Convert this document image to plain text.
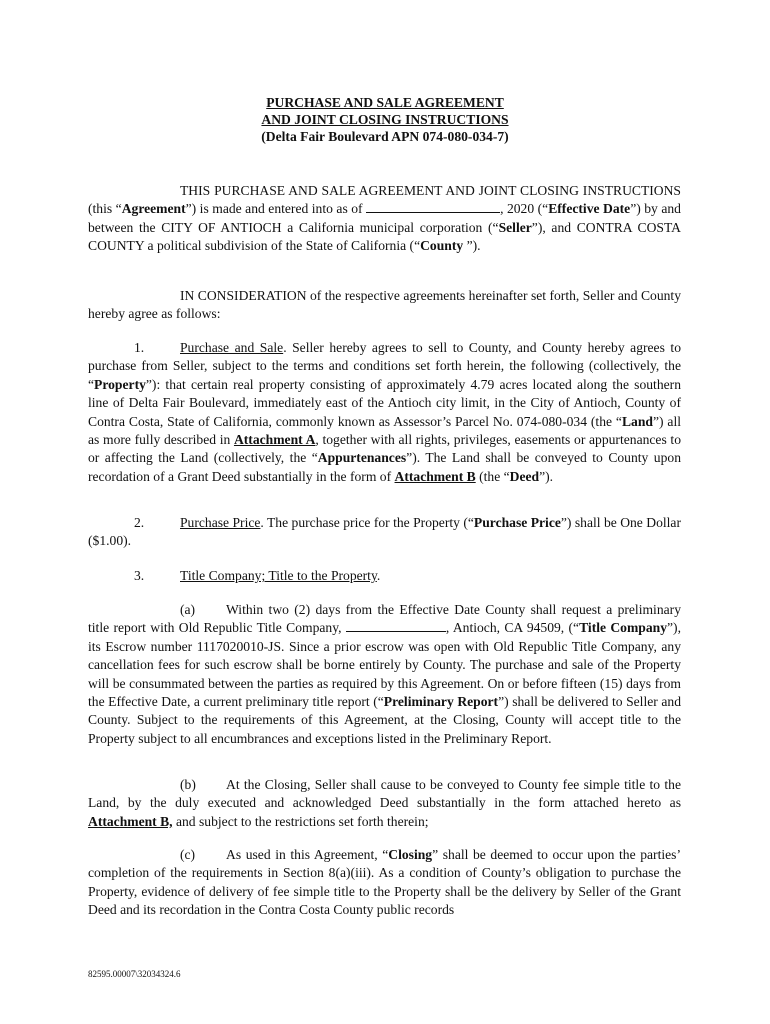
PURCHASE AND SALE AGREEMENT
AND JOINT CLOSING INSTRUCTIONS
(Delta Fair Boulevard APN 074-080-034-7)
THIS PURCHASE AND SALE AGREEMENT AND JOINT CLOSING INSTRUCTIONS (this “Agreement”) is made and entered into as of	, 2020 (“Effective Date”) by and between the CITY OF ANTIOCH a California municipal corporation (“Seller”), and CONTRA COSTA COUNTY a political subdivision of the State of California (“County ”).
IN CONSIDERATION of the respective agreements hereinafter set forth, Seller and County hereby agree as follows:
1.	Purchase and Sale. Seller hereby agrees to sell to County, and County hereby agrees to purchase from Seller, subject to the terms and conditions set forth herein, the following (collectively, the “Property”): that certain real property consisting of approximately 4.79 acres located along the southern line of Delta Fair Boulevard, immediately east of the Antioch city limit, in the City of Antioch, County of Contra Costa, State of California, commonly known as Assessor’s Parcel No. 074-080-034 (the “Land”) all as more fully described in Attachment A, together with all rights, privileges, easements or appurtenances to or affecting the Land (collectively, the “Appurtenances”). The Land shall be conveyed to County upon recordation of a Grant Deed substantially in the form of Attachment B (the “Deed”).
2.	Purchase Price. The purchase price for the Property (“Purchase Price”) shall be One Dollar ($1.00).
3.	Title Company; Title to the Property.
(a) Within two (2) days from the Effective Date County shall request a preliminary title report with Old Republic Title Company,	, Antioch, CA 94509, (“Title Company”), its Escrow number 1117020010-JS. Since a prior escrow was open with Old Republic Title Company, any cancellation fees for such escrow shall be borne entirely by County. The purchase and sale of the Property will be consummated between the parties as required by this Agreement. On or before fifteen (15) days from the Effective Date, a current preliminary title report (“Preliminary Report”) shall be delivered to Seller and County. Subject to the requirements of this Agreement, at the Closing, County will accept title to the Property subject to all encumbrances and exceptions listed in the Preliminary Report.
(b) At the Closing, Seller shall cause to be conveyed to County fee simple title to the Land, by the duly executed and acknowledged Deed substantially in the form attached hereto as Attachment B, and subject to the restrictions set forth therein;
(c) As used in this Agreement, “Closing” shall be deemed to occur upon the parties’ completion of the requirements in Section 8(a)(iii). As a condition of County’s obligation to purchase the Property, evidence of delivery of fee simple title to the Property shall be the delivery by Seller of the Grant Deed and its recordation in the Contra Costa County public records
82595.00007\32034324.6
